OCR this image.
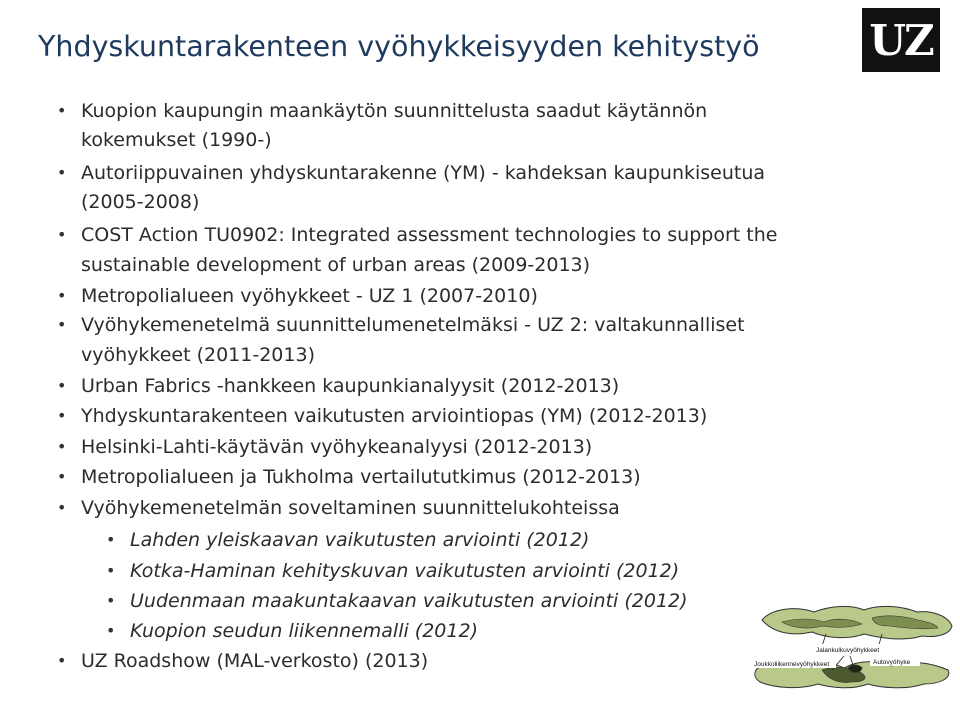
Yhdyskuntarakenteen vyöhykkeisyyden kehitystyö	UZ
• Kuopion kaupungin maankäytön suunnittelusta saadut käytännön
kokemukset (1990-)
• Autoriippuvainen yhdyskuntarakenne (YM) - kahdeksan kaupunkiseutua
(2005-2008)
• COST Action TU0902: Integrated assessment technologies to support the
sustainable development of urban areas (2009-2013)
• Metropolialueen vyöhykkeet - UZ 1 (2007-2010)
• Vyöhykemenetelmä suunnittelumenetelmäksi - UZ 2: valtakunnalliset
vyöhykkeet (2011-2013)
• Urban Fabrics -hankkeen kaupunkianalyysit (2012-2013)
• Yhdyskuntarakenteen vaikutusten arviointiopas (YM) (2012-2013)
• Helsinki-Lahti-käytävän vyöhykeanalyysi (2012-2013)
• Metropolialueen ja Tukholma vertailututkimus (2012-2013)
• Vyöhykemenetelmän soveltaminen suunnittelukohteissa
• Lahden yleiskaavan vaikutusten arviointi (2012)
• Kotka-Haminan kehityskuvan vaikutusten arviointi (2012)
• Uudenmaan maakuntakaavan vaikutusten arviointi (2012)
• Kuopion seudun liikennemalli (2012)
• UZ Roadshow (MAL-verkosto) (2013)	Jalankulkuvyöhykkeet
Joukkoliikennevyöhykkeet	Autovyöhyke
